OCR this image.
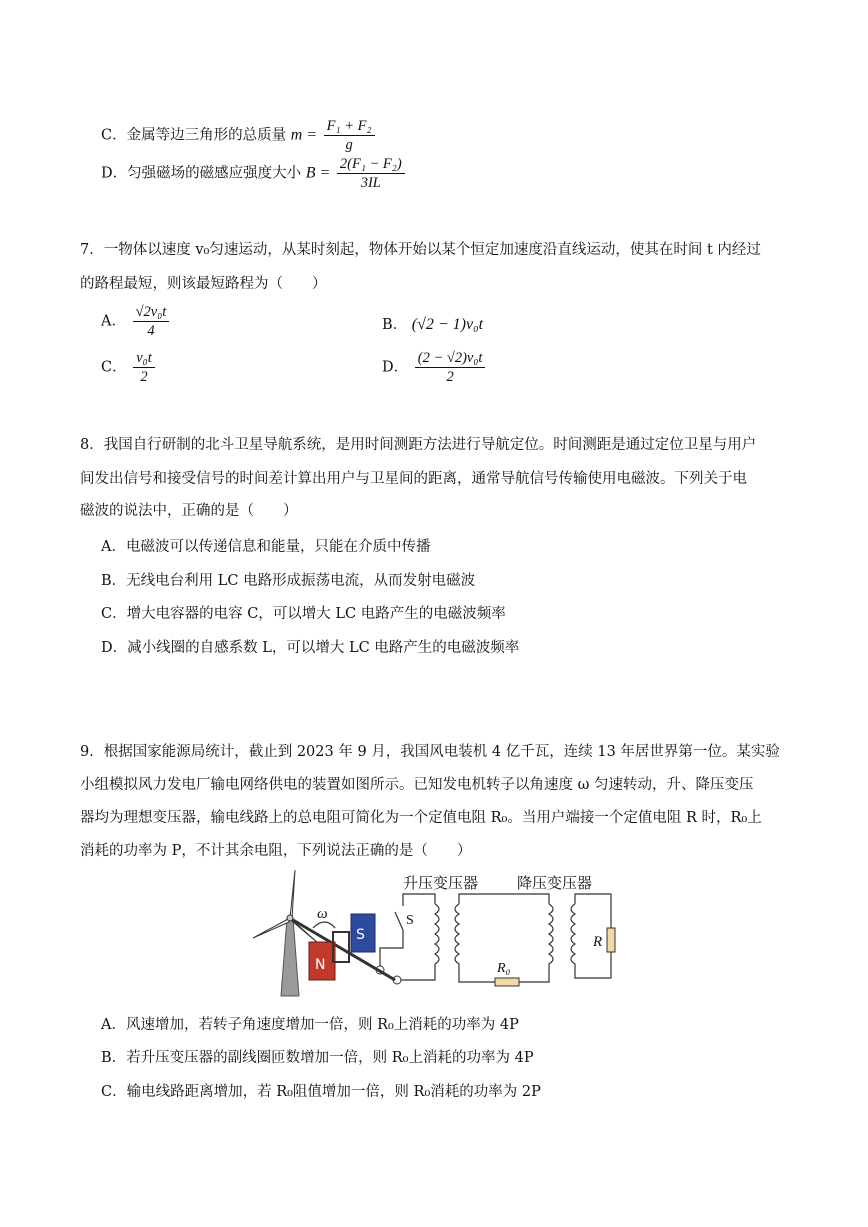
C．金属等边三角形的总质量 $m = \frac{\text{F₁ + F₂}}{g}$
D．匀强磁场的磁感应强度大小 $B = \frac{\text{2(F₁ − F₂)}}{3IL}$
7．一物体以速度 v₀匀速运动，从某时刻起，物体开始以某个恒定加速度沿直线运动，使其在时间 t 内经过
的路程最短，则该最短路程为（　　）
A． $\frac{\text{√2v₀t}}{4}$	B． (√2 − 1)v₀t
C． $\frac{\text{v₀t}}{2}$	D． $\frac{\text{(2 − √2)v₀t}}{2}$
8．我国自行研制的北斗卫星导航系统，是用时间测距方法进行导航定位。时间测距是通过定位卫星与用户
间发出信号和接受信号的时间差计算出用户与卫星间的距离，通常导航信号传输使用电磁波。下列关于电
磁波的说法中，正确的是（　　）
A．电磁波可以传递信息和能量，只能在介质中传播
B．无线电台利用 LC 电路形成振荡电流，从而发射电磁波
C．增大电容器的电容 C，可以增大 LC 电路产生的电磁波频率
D．减小线圈的自感系数 L，可以增大 LC 电路产生的电磁波频率
9．根据国家能源局统计，截止到 2023 年 9 月，我国风电装机 4 亿千瓦，连续 13 年居世界第一位。某实验
小组模拟风力发电厂输电网络供电的装置如图所示。已知发电机转子以角速度 ω 匀速转动，升、降压变压
器均为理想变压器，输电线路上的总电阻可简化为一个定值电阻 R₀。当用户端接一个定值电阻 R 时，R₀上
消耗的功率为 P，不计其余电阻，下列说法正确的是（　　）
ω
N
S
S
R₀
R
升压变压器	降压变压器
A．风速增加，若转子角速度增加一倍，则 R₀上消耗的功率为 4P
B．若升压变压器的副线圈匝数增加一倍，则 R₀上消耗的功率为 4P
C．输电线路距离增加，若 R₀阻值增加一倍，则 R₀消耗的功率为 2P
